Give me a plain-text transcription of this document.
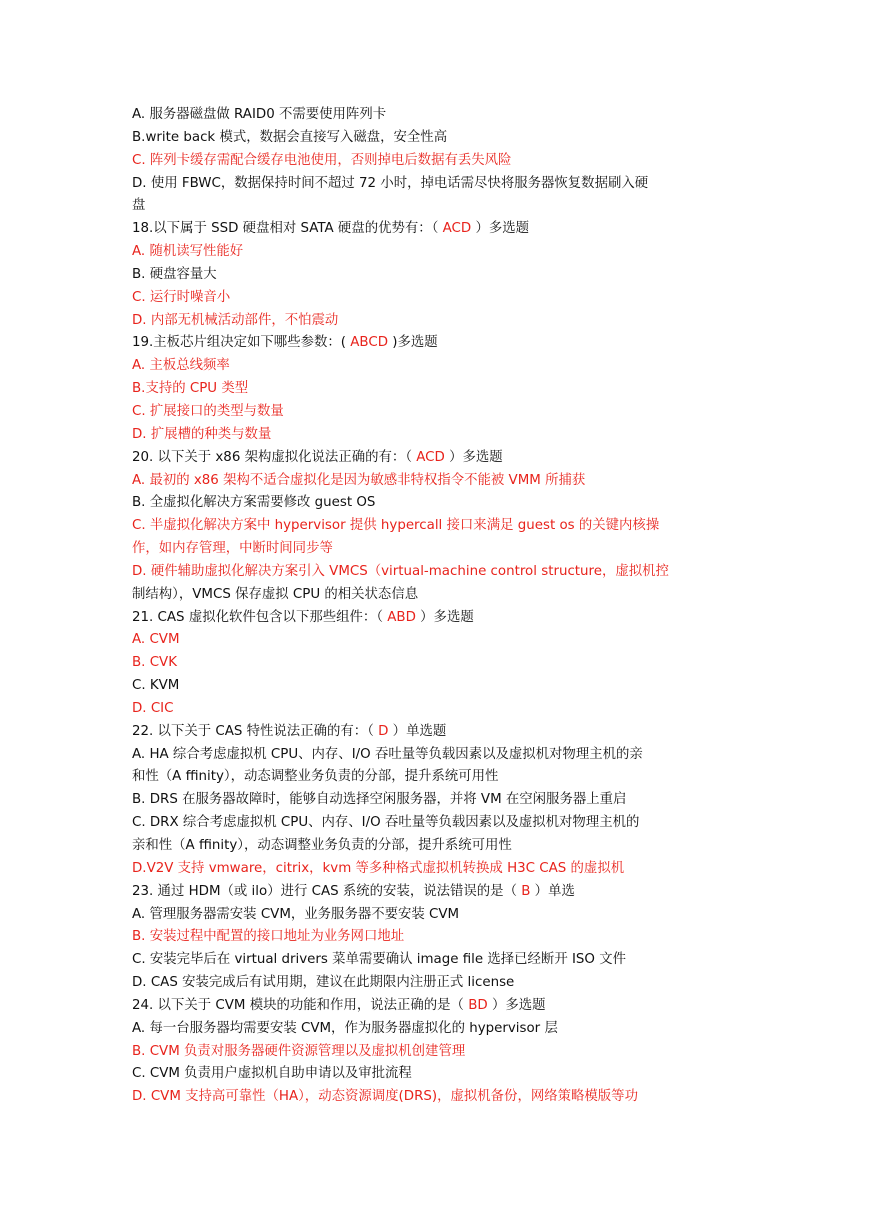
A. 服务器磁盘做 RAID0 不需要使用阵列卡
B.write back 模式，数据会直接写入磁盘，安全性高
C. 阵列卡缓存需配合缓存电池使用，否则掉电后数据有丢失风险
D. 使用 FBWC，数据保持时间不超过 72 小时，掉电话需尽快将服务器恢复数据刷入硬
盘
18.以下属于 SSD 硬盘相对 SATA 硬盘的优势有：（ ACD ）多选题
A. 随机读写性能好
B. 硬盘容量大
C. 运行时噪音小
D. 内部无机械活动部件，不怕震动
19.主板芯片组决定如下哪些参数：( ABCD )多选题
A. 主板总线频率
B.支持的 CPU 类型
C. 扩展接口的类型与数量
D. 扩展槽的种类与数量
20. 以下关于 x86 架构虚拟化说法正确的有：（ ACD ）多选题
A. 最初的 x86 架构不适合虚拟化是因为敏感非特权指令不能被 VMM 所捕获
B. 全虚拟化解决方案需要修改 guest OS
C. 半虚拟化解决方案中 hypervisor 提供 hypercall 接口来满足 guest os 的关键内核操
作，如内存管理，中断时间同步等
D. 硬件辅助虚拟化解决方案引入 VMCS（virtual-machine control structure，虚拟机控
制结构），VMCS 保存虚拟 CPU 的相关状态信息
21. CAS 虚拟化软件包含以下那些组件：（ ABD ）多选题
A. CVM
B. CVK
C. KVM
D. CIC
22. 以下关于 CAS 特性说法正确的有：（ D ）单选题
A. HA 综合考虑虚拟机 CPU、内存、I/O 吞吐量等负载因素以及虚拟机对物理主机的亲
和性（A ffinity），动态调整业务负责的分部，提升系统可用性
B. DRS 在服务器故障时，能够自动选择空闲服务器，并将 VM 在空闲服务器上重启
C. DRX 综合考虑虚拟机 CPU、内存、I/O 吞吐量等负载因素以及虚拟机对物理主机的
亲和性（A ffinity），动态调整业务负责的分部，提升系统可用性
D.V2V 支持 vmware，citrix，kvm 等多种格式虚拟机转换成 H3C CAS 的虚拟机
23. 通过 HDM（或 ilo）进行 CAS 系统的安装，说法错误的是（ B ）单选
A. 管理服务器需安装 CVM，业务服务器不要安装 CVM
B. 安装过程中配置的接口地址为业务网口地址
C. 安装完毕后在 virtual drivers 菜单需要确认 image file 选择已经断开 ISO 文件
D. CAS 安装完成后有试用期，建议在此期限内注册正式 license
24. 以下关于 CVM 模块的功能和作用，说法正确的是（ BD ）多选题
A. 每一台服务器均需要安装 CVM，作为服务器虚拟化的 hypervisor 层
B. CVM 负责对服务器硬件资源管理以及虚拟机创建管理
C. CVM 负责用户虚拟机自助申请以及审批流程
D. CVM 支持高可靠性（HA），动态资源调度(DRS)，虚拟机备份，网络策略模版等功
